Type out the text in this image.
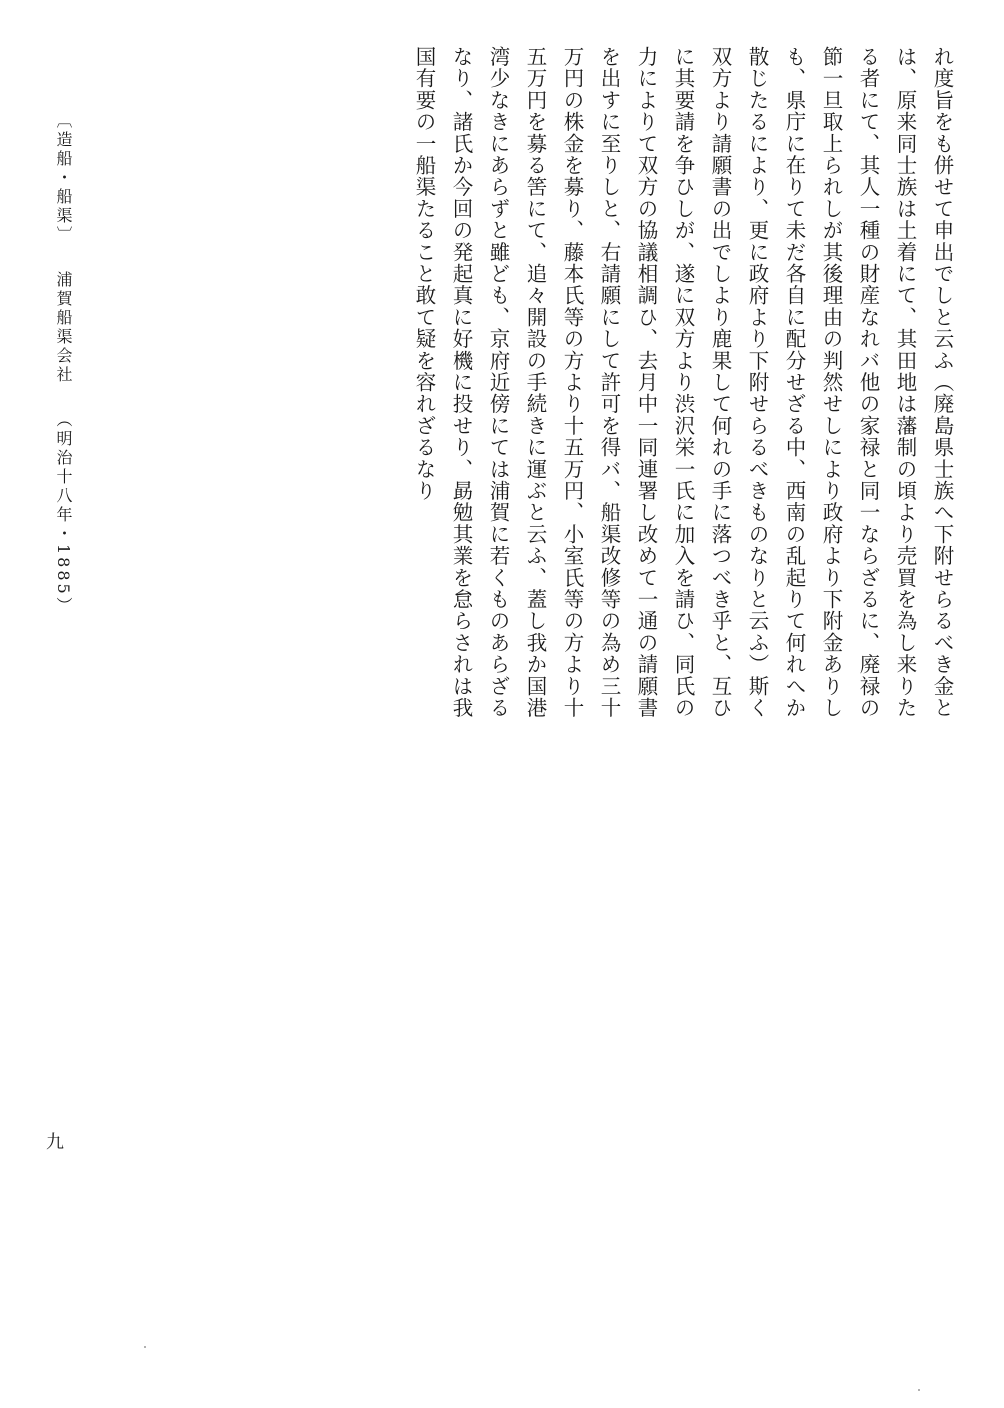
〔造船・船渠〕浦賀船渠会社（明治十八年・1885）	れ度旨をも併せて申出でしと云ふ（廃島県士族へ下附せらるべき金と
は、原来同士族は土着にて、其田地は藩制の頃より売買を為し来りた
る者にて、其人一種の財産なれバ他の家禄と同一ならざるに、廃禄の
節一旦取上られしが其後理由の判然せしにより政府より下附金ありし
も、県庁に在りて未だ各自に配分せざる中、西南の乱起りて何れへか
散じたるにより、更に政府より下附せらるべきものなりと云ふ）斯く
双方より請願書の出でしより鹿果して何れの手に落つべき乎と、互ひ
に其要請を争ひしが、遂に双方より渋沢栄一氏に加入を請ひ、同氏の
力によりて双方の協議相調ひ、去月中一同連署し改めて一通の請願書
を出すに至りしと、右請願にして許可を得バ、船渠改修等の為め三十
万円の株金を募り、藤本氏等の方より十五万円、小室氏等の方より十
五万円を募る筈にて、追々開設の手続きに運ぶと云ふ、蓋し我か国港
湾少なきにあらずと雖ども、京府近傍にては浦賀に若くものあらざる
なり、諸氏か今回の発起真に好機に投せり、勗勉其業を怠らされは我
国有要の一船渠たること敢て疑を容れざるなり
九
